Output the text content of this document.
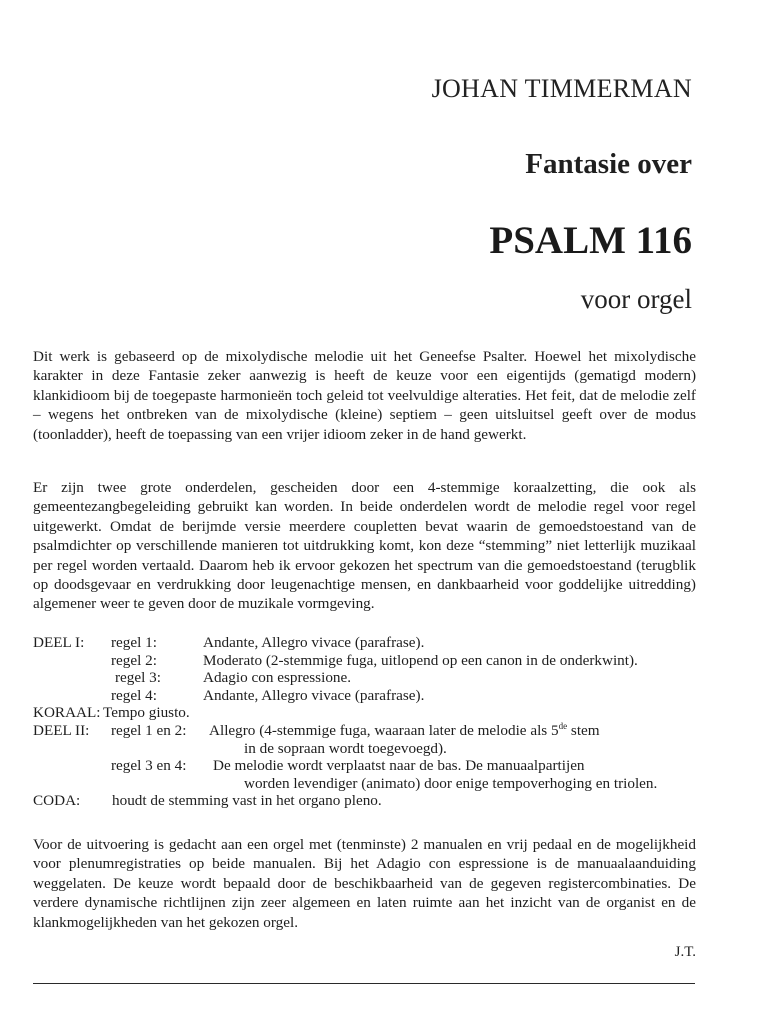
JOHAN TIMMERMAN
Fantasie over
PSALM 116
voor orgel

Dit werk is gebaseerd op de mixolydische melodie uit het Geneefse Psalter. Hoewel het mixolydische karakter in deze Fantasie zeker aanwezig is heeft de keuze voor een eigentijds (gematigd modern) klankidioom bij de toegepaste harmonieën toch geleid tot veelvuldige alteraties. Het feit, dat de melodie zelf – wegens het ontbreken van de mixolydische (kleine) septiem – geen uitsluitsel geeft over de modus (toonladder), heeft de toepassing van een vrijer idioom zeker in de hand gewerkt.

Er zijn twee grote onderdelen, gescheiden door een 4-stemmige koraalzetting, die ook als gemeentezangbegeleiding gebruikt kan worden. In beide onderdelen wordt de melodie regel voor regel uitgewerkt. Omdat de berijmde versie meerdere coupletten bevat waarin de gemoedstoestand van de psalmdichter op verschillende manieren tot uitdrukking komt, kon deze “stemming” niet letterlijk muzikaal per regel worden vertaald. Daarom heb ik ervoor gekozen het spectrum van die gemoedstoestand (terugblik op doodsgevaar en verdrukking door leugenachtige mensen, en dankbaarheid voor goddelijke uitredding) algemener weer te geven door de muzikale vormgeving.

DEEL I: regel 1:	Andante, Allegro vivace (parafrase).
regel 2:	Moderato (2-stemmige fuga, uitlopend op een canon in de onderkwint).
regel 3:	Adagio con espressione.
regel 4:	Andante, Allegro vivace (parafrase).
KORAAL: Tempo giusto.
DEEL II: regel 1 en 2: Allegro (4-stemmige fuga, waaraan later de melodie als 5de stem
in de sopraan wordt toegevoegd).
regel 3 en 4: De melodie wordt verplaatst naar de bas. De manuaalpartijen
worden levendiger (animato) door enige tempoverhoging en triolen.
CODA: houdt de stemming vast in het organo pleno.

Voor de uitvoering is gedacht aan een orgel met (tenminste) 2 manualen en vrij pedaal en de mogelijkheid voor plenumregistraties op beide manualen. Bij het Adagio con espressione is de manuaalaanduiding weggelaten. De keuze wordt bepaald door de beschikbaarheid van de gegeven registercombinaties. De verdere dynamische richtlijnen zijn zeer algemeen en laten ruimte aan het inzicht van de organist en de klankmogelijkheden van het gekozen orgel.

J.T.
